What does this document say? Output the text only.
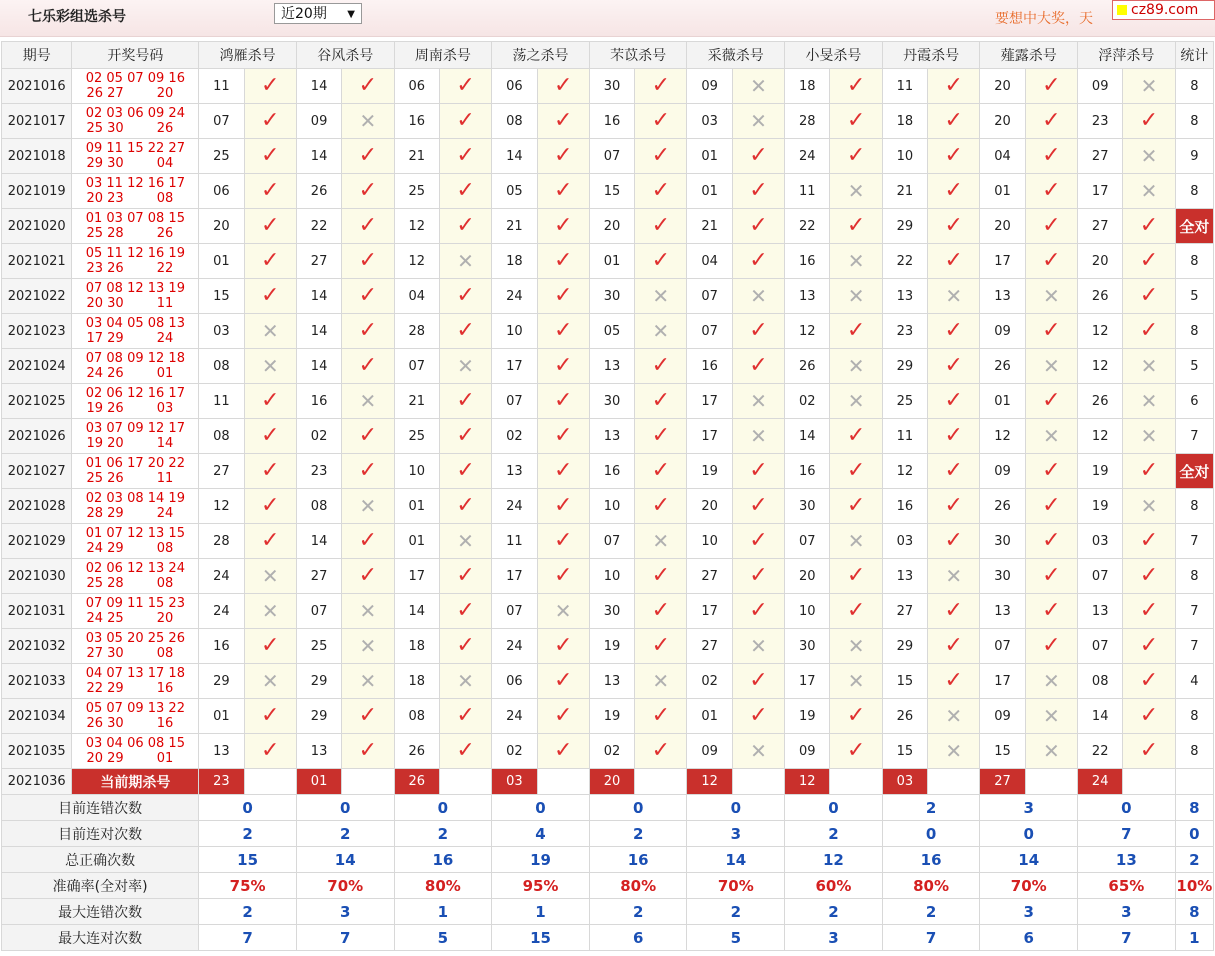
七乐彩组选杀号	近20期 ▼	要想中大奖，天
cz89.com
期号	开奖号码	鸿雁杀号		谷风杀号		周南杀号		荡之杀号		芣苡杀号		采薇杀号		小旻杀号		丹霞杀号		薤露杀号		浮萍杀号		统计
2021016	02 05 07 09 16
26 27 20	11	✓	14	✓	06	✓	06	✓	30	✓	09	✕	18	✓	11	✓	20	✓	09	✕	8
2021017	02 03 06 09 24
25 30 26	07	✓	09	✕	16	✓	08	✓	16	✓	03	✕	28	✓	18	✓	20	✓	23	✓	8
2021018	09 11 15 22 27
29 30 04	25	✓	14	✓	21	✓	14	✓	07	✓	01	✓	24	✓	10	✓	04	✓	27	✕	9
2021019	03 11 12 16 17
20 23 08	06	✓	26	✓	25	✓	05	✓	15	✓	01	✓	11	✕	21	✓	01	✓	17	✕	8
2021020	01 03 07 08 15
25 28 26	20	✓	22	✓	12	✓	21	✓	20	✓	21	✓	22	✓	29	✓	20	✓	27	✓	全对
2021021	05 11 12 16 19
23 26 22	01	✓	27	✓	12	✕	18	✓	01	✓	04	✓	16	✕	22	✓	17	✓	20	✓	8
2021022	07 08 12 13 19
20 30 11	15	✓	14	✓	04	✓	24	✓	30	✕	07	✕	13	✕	13	✕	13	✕	26	✓	5
2021023	03 04 05 08 13
17 29 24	03	✕	14	✓	28	✓	10	✓	05	✕	07	✓	12	✓	23	✓	09	✓	12	✓	8
2021024	07 08 09 12 18
24 26 01	08	✕	14	✓	07	✕	17	✓	13	✓	16	✓	26	✕	29	✓	26	✕	12	✕	5
2021025	02 06 12 16 17
19 26 03	11	✓	16	✕	21	✓	07	✓	30	✓	17	✕	02	✕	25	✓	01	✓	26	✕	6
2021026	03 07 09 12 17
19 20 14	08	✓	02	✓	25	✓	02	✓	13	✓	17	✕	14	✓	11	✓	12	✕	12	✕	7
2021027	01 06 17 20 22
25 26 11	27	✓	23	✓	10	✓	13	✓	16	✓	19	✓	16	✓	12	✓	09	✓	19	✓	全对
2021028	02 03 08 14 19
28 29 24	12	✓	08	✕	01	✓	24	✓	10	✓	20	✓	30	✓	16	✓	26	✓	19	✕	8
2021029	01 07 12 13 15
24 29 08	28	✓	14	✓	01	✕	11	✓	07	✕	10	✓	07	✕	03	✓	30	✓	03	✓	7
2021030	02 06 12 13 24
25 28 08	24	✕	27	✓	17	✓	17	✓	10	✓	27	✓	20	✓	13	✕	30	✓	07	✓	8
2021031	07 09 11 15 23
24 25 20	24	✕	07	✕	14	✓	07	✕	30	✓	17	✓	10	✓	27	✓	13	✓	13	✓	7
2021032	03 05 20 25 26
27 30 08	16	✓	25	✕	18	✓	24	✓	19	✓	27	✕	30	✕	29	✓	07	✓	07	✓	7
2021033	04 07 13 17 18
22 29 16	29	✕	29	✕	18	✕	06	✓	13	✕	02	✓	17	✕	15	✓	17	✕	08	✓	4
2021034	05 07 09 13 22
26 30 16	01	✓	29	✓	08	✓	24	✓	19	✓	01	✓	19	✓	26	✕	09	✕	14	✓	8
2021035	03 04 06 08 15
20 29 01	13	✓	13	✓	26	✓	02	✓	02	✓	09	✕	09	✓	15	✕	15	✕	22	✓	8
2021036	当前期杀号	23		01		26		03		20		12		12		03		27		24		
目前连错次数		0		0		0		0		0		0		0		2		3		0		8
目前连对次数		2		2		2		4		2		3		2		0		0		7		0
总正确次数		15		14		16		19		16		14		12		16		14		13		2
准确率(全对率)		75%		70%		80%		95%		80%		70%		60%		80%		70%		65%		10%
最大连错次数		2		3		1		1		2		2		2		2		3		3		8
最大连对次数		7		7		5		15		6		5		3		7		6		7		1
